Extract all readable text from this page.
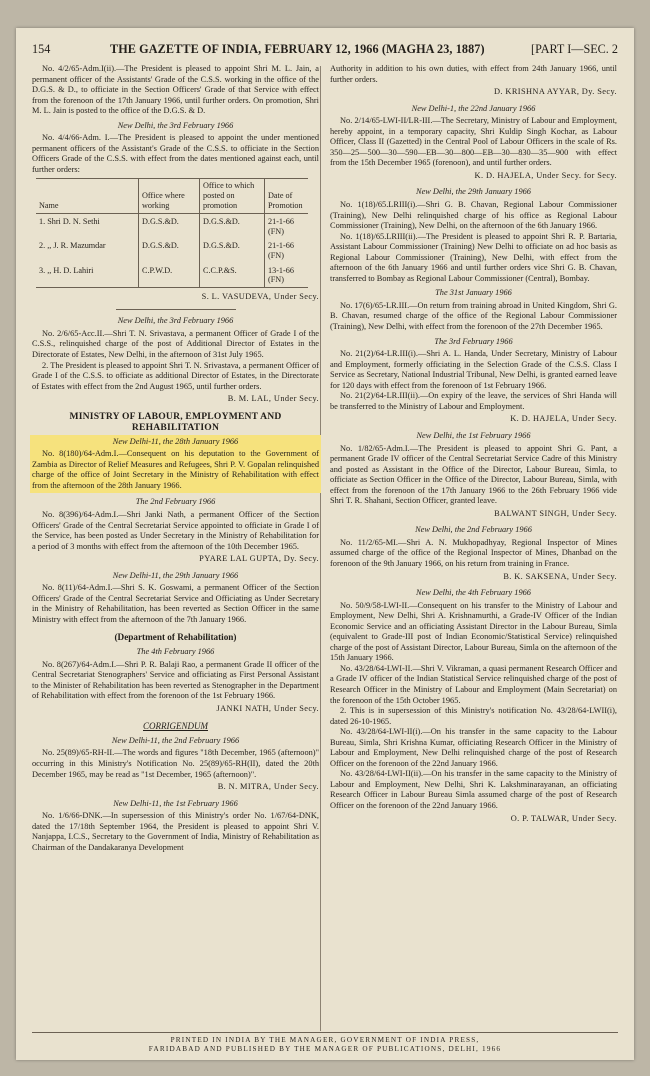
154	THE GAZETTE OF INDIA, FEBRUARY 12, 1966 (MAGHA 23, 1887)	[PART I—SEC. 2

No. 4/2/65-Adm.I(ii).—The President is pleased to appoint Shri M. L. Jain, a permanent officer of the Assistants' Grade of the C.S.S. working in the office of the D.G.S. & D., to officiate in the Section Officers' Grade of that Service with effect from the forenoon of the 17th January 1966, until further orders. On promotion, Shri M. L. Jain is posted to the office of the D.G.S. & D.

New Delhi, the 3rd February 1966

No. 4/4/66-Adm. I.—The President is pleased to appoint the under mentioned permanent officers of the Assistant's Grade of the C.S.S. to officiate in the Section Officers Grade of the C.S.S. with effect from the dates mentioned against each, until further orders:

Name	Office where working	Office to which posted on promotion	Date of Promotion
1. Shri D. N. Sethi	D.G.S.&D.	D.G.S.&D.	21-1-66 (FN)
2. ,, J. R. Mazumdar	D.G.S.&D.	D.G.S.&D.	21-1-66 (FN)
3. ,, H. D. Lahiri	C.P.W.D.	C.C.P.&S.	13-1-66 (FN)
S. L. VASUDEVA, Under Secy.
New Delhi, the 3rd February 1966

No. 2/6/65-Acc.II.—Shri T. N. Srivastava, a permanent Officer of Grade I of the C.S.S., relinquished charge of the post of Additional Director of Estates in the Directorate of Estates, New Delhi, in the afternoon of 31st July 1965.

2. The President is pleased to appoint Shri T. N. Srivastava, a permanent Officer of Grade I of the C.S.S. to officiate as additional Director of Estates, in the Directorate of Estates with effect from the 2nd August 1965, until further orders.

B. M. LAL, Under Secy.
MINISTRY OF LABOUR, EMPLOYMENT AND REHABILITATION
New Delhi-11, the 28th January 1966

No. 8(180)/64-Adm.I.—Consequent on his deputation to the Government of Zambia as Director of Relief Measures and Refugees, Shri P. V. Gopalan relinquished charge of the office of Joint Secretary in the Ministry of Rehabilitation with effect from the afternoon of the 28th January 1966.

The 2nd February 1966

No. 8(396)/64-Adm.I.—Shri Janki Nath, a permanent Officer of the Section Officers' Grade of the Central Secretariat Service appointed to officiate in Grade I of the Service, has been posted as Under Secretary in the Ministry of Rehabilitation for a period of 3 months with effect from the afternoon of the 10th December 1965.

PYARE LAL GUPTA, Dy. Secy.
New Delhi-11, the 29th January 1966

No. 8(11)/64-Adm.I.—Shri S. K. Goswami, a permanent Officer of the Section Officers' Grade of the Central Secretariat Service and Officiating as Under Secretary in the Ministry of Rehabilitation, has been reverted as Section Officer in the same Ministry with effect from the afternoon of the 7th January 1966.

(Department of Rehabilitation)
The 4th February 1966

No. 8(267)/64-Adm.I.—Shri P. R. Balaji Rao, a permanent Grade II officer of the Central Secretariat Stenographers' Service and officiating as First Personal Assistant to the Minister of Rehabilitation has been reverted as Stenographer in the Department of Rehabilitation with effect from the forenoon of the 1st February 1966.

JANKI NATH, Under Secy.
CORRIGENDUM
New Delhi-11, the 2nd February 1966

No. 25(89)/65-RH-II.—The words and figures "18th December, 1965 (afternoon)" occurring in this Ministry's Notification No. 25(89)/65-RH(II), dated the 20th December 1965, may be read as "1st December, 1965 (afternoon)".

B. N. MITRA, Under Secy.
New Delhi-11, the 1st February 1966

No. 1/6/66-DNK.—In supersession of this Ministry's order No. 1/67/64-DNK, dated the 17/18th September 1964, the President is pleased to appoint Shri V. Nanjappa, I.C.S., Secretary to the Government of India, Ministry of Rehabilitation as Chairman of the Dandakaranya Development

Authority in addition to his own duties, with effect from 24th January 1966, until further orders.

D. KRISHNA AYYAR, Dy. Secy.
New Delhi-1, the 22nd January 1966

No. 2/14/65-LWI-II/LR-III.—The Secretary, Ministry of Labour and Employment, hereby appoint, in a temporary capacity, Shri Kuldip Singh Kochar, as Labour Officer, Class II (Gazetted) in the Central Pool of Labour Officers in the scale of Rs. 350—25—500—30—590—EB—30—800—EB—30—830—35—900 with effect from the 15th December 1965 (forenoon), and until further orders.

K. D. HAJELA, Under Secy. for Secy.
New Delhi, the 29th January 1966

No. 1(18)/65.LRIII(i).—Shri G. B. Chavan, Regional Labour Commissioner (Training), New Delhi relinquished charge of his office as Regional Labour Commissioner (Training), New Delhi, on the afternoon of the 6th January 1966.

No. 1(18)/65.LRIII(ii).—The President is pleased to appoint Shri R. P. Bartaria, Assistant Labour Commissioner (Training) New Delhi to officiate on ad hoc basis as Regional Labour Commissioner (Training), New Delhi, with effect from the afternoon of the 6th January 1966 and until further orders vice Shri G. B. Chavan, transferred to Bombay as Regional Labour Commissioner (Central), Bombay.

The 31st January 1966

No. 17(6)/65-LR.III.—On return from training abroad in United Kingdom, Shri G. B. Chavan, resumed charge of the office of the Regional Labour Commissioner (Training), New Delhi, with effect from the forenoon of the 27th December 1965.

The 3rd February 1966

No. 21(2)/64-LR.III(i).—Shri A. L. Handa, Under Secretary, Ministry of Labour and Employment, formerly officiating in the Selection Grade of the C.S.S. Class I Service as Secretary, National Industrial Tribunal, New Delhi, is granted earned leave for 120 days with effect from the forenoon of 1st February 1966.

No. 21(2)/64-LR.III(ii).—On expiry of the leave, the services of Shri Handa will be transferred to the Ministry of Labour and Employment.

K. D. HAJELA, Under Secy.
New Delhi, the 1st February 1966

No. 1/82/65-Adm.I.—The President is pleased to appoint Shri G. Pant, a permanent Grade IV officer of the Central Secretariat Service Cadre of this Ministry and posted as Assistant in the Office of the Director, Labour Bureau, Simla, to officiate as Section Officer in the Office of the Director, Labour Bureau, Simla, with effect from the forenoon of the 17th January 1966 to the 26th February 1966 vide Shri T. R. Shahani, Section Officer, granted leave.

BALWANT SINGH, Under Secy.
New Delhi, the 2nd February 1966

No. 11/2/65-MI.—Shri A. N. Mukhopadhyay, Regional Inspector of Mines assumed charge of the office of the Regional Inspector of Mines, Dhanbad on the forenoon of the 9th January 1966, on his return from training in France.

B. K. SAKSENA, Under Secy.
New Delhi, the 4th February 1966

No. 50/9/58-LWI-II.—Consequent on his transfer to the Ministry of Labour and Employment, New Delhi, Shri A. Krishnamurthi, a Grade-IV Officer of the Indian Economic Service and an officiating Assistant Director in the Labour Bureau, Simla (equivalent to Grade-III post of Indian Economic/Statistical Service) relinquished charge of the post of Assistant Director, Labour Bureau, Simla on the afternoon of the 15th January 1966.

No. 43/28/64-LWI-II.—Shri V. Vikraman, a quasi permanent Research Officer and a Grade IV officer of the Indian Statistical Service relinquished charge of the post of Research Officer in the Ministry of Labour and Employment (Main Secretariat) on the forenoon of the 15th October 1965.

2. This is in supersession of this Ministry's notification No. 43/28/64-LWII(i), dated 26-10-1965.

No. 43/28/64-LWI-II(i).—On his transfer in the same capacity to the Labour Bureau, Simla, Shri Krishna Kumar, officiating Research Officer in the Ministry of Labour and Employment, New Delhi relinquished charge of the post of Research Officer on the forenoon of the 22nd January 1966.

No. 43/28/64-LWI-II(ii).—On his transfer in the same capacity to the Ministry of Labour and Employment, New Delhi, Shri K. Lakshminarayanan, an officiating Research Officer in Labour Bureau Simla assumed charge of the post of Research Officer on the forenoon of the 22nd January 1966.

O. P. TALWAR, Under Secy.
PRINTED IN INDIA BY THE MANAGER, GOVERNMENT OF INDIA PRESS,
FARIDABAD AND PUBLISHED BY THE MANAGER OF PUBLICATIONS, DELHI, 1966
